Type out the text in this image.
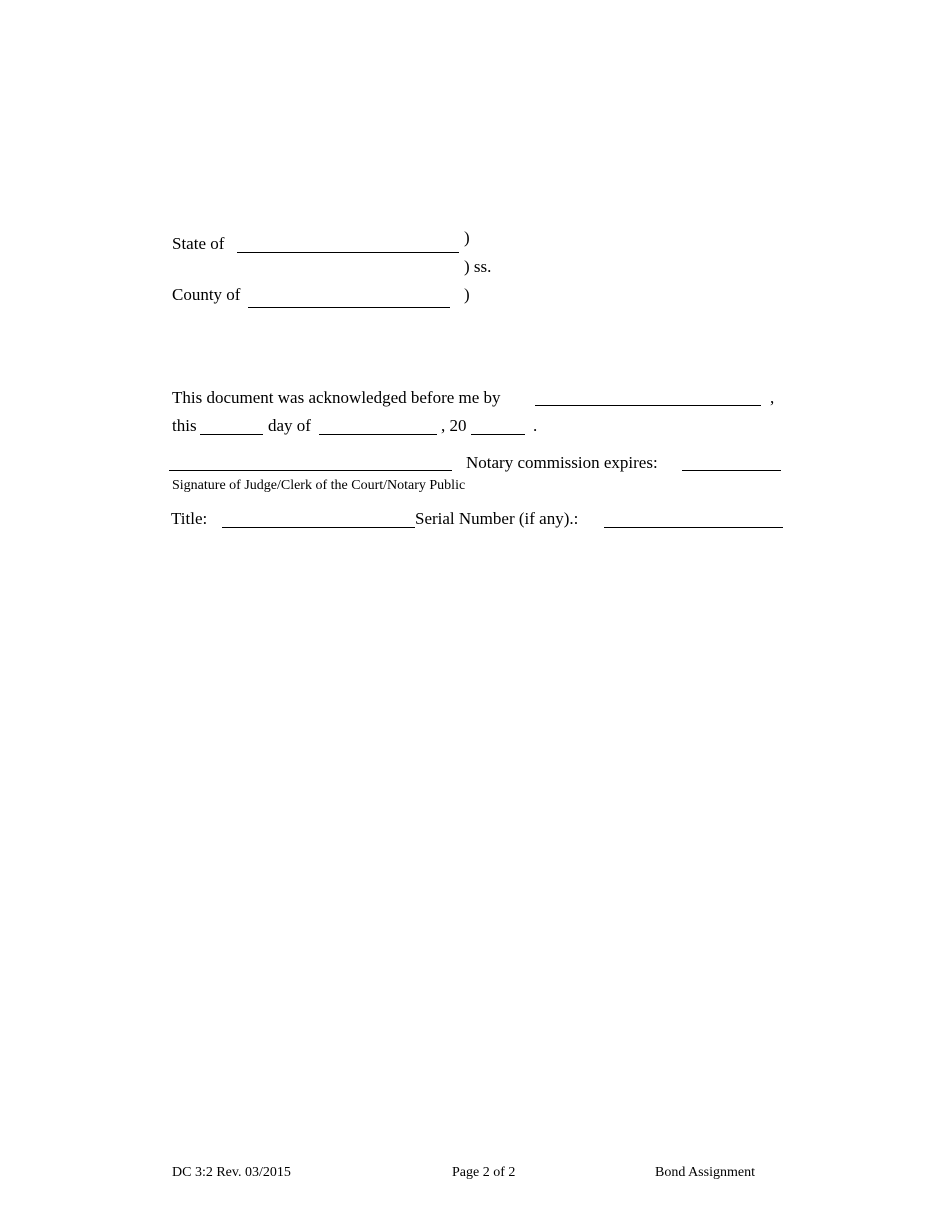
State of	)
) ss.
County of	)
This document was acknowledged before me by	,
this	day of	, 20	.
Notary commission expires:
Signature of Judge/Clerk of the Court/Notary Public
Title:	Serial Number (if any).:
DC 3:2 Rev. 03/2015	Page 2 of 2	Bond Assignment
